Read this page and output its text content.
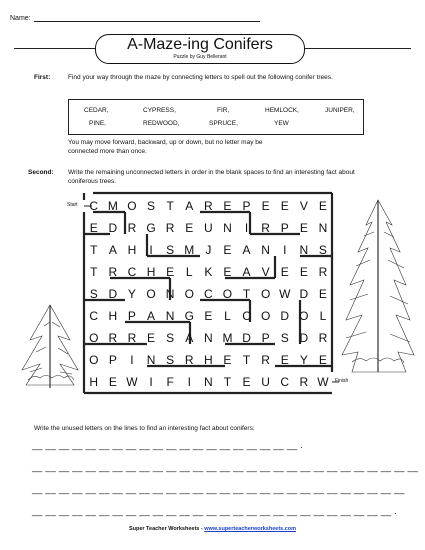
Name:
A-Maze-ing Conifers
Puzzle by Guy Bellerant
First:	Find your way through the maze by connecting letters to spell out the following conifer trees.
CEDAR,	CYPRESS,	FIR,	HEMLOCK,	JUNIPER,
PINE,	REDWOOD,	SPRUCE,	YEW
You may move forward, backward, up or down, but no letter may be connected more than once.
Second: Write the remaining unconnected letters in order in the blank spaces to find an interesting fact about coniferous trees.
Start
Finish
C M O S T A R E P E E V E
E D R G R E U N	I	R P E N
T A H	I	S M J E A N	I	N S
T R C H E L K E A V E E R
S D Y O N O C O T O W D E
C H P A N G E L C O D O L
O R R E S A N M D P S D R
O P	I	N S R H E T R E Y E
H E W I	F	I	N T E U C R W
Write the unused letters on the lines to find an interesting fact about conifers:
__ __ __ __ __ __ __ __ __ __ __ __ __ __ __ __ __ __ __ __ .
__ __ __ __ __ __ __ __ __ __ __ __ __ __ __ __ __ __ __ __ __ __ __ __ __ __ __ __ __
__ __ __ __ __ __ __ __ __ __ __ __ __ __ __ __ __ __ __ __ __ __ __ __ __ __ __ __
__ __ __ __ __ __ __ __ __ __ __ __ __ __ __ __ __ __ __ __ __ __ __ __ __ __ __ .
Super Teacher Worksheets - www.superteacherworksheets.com
